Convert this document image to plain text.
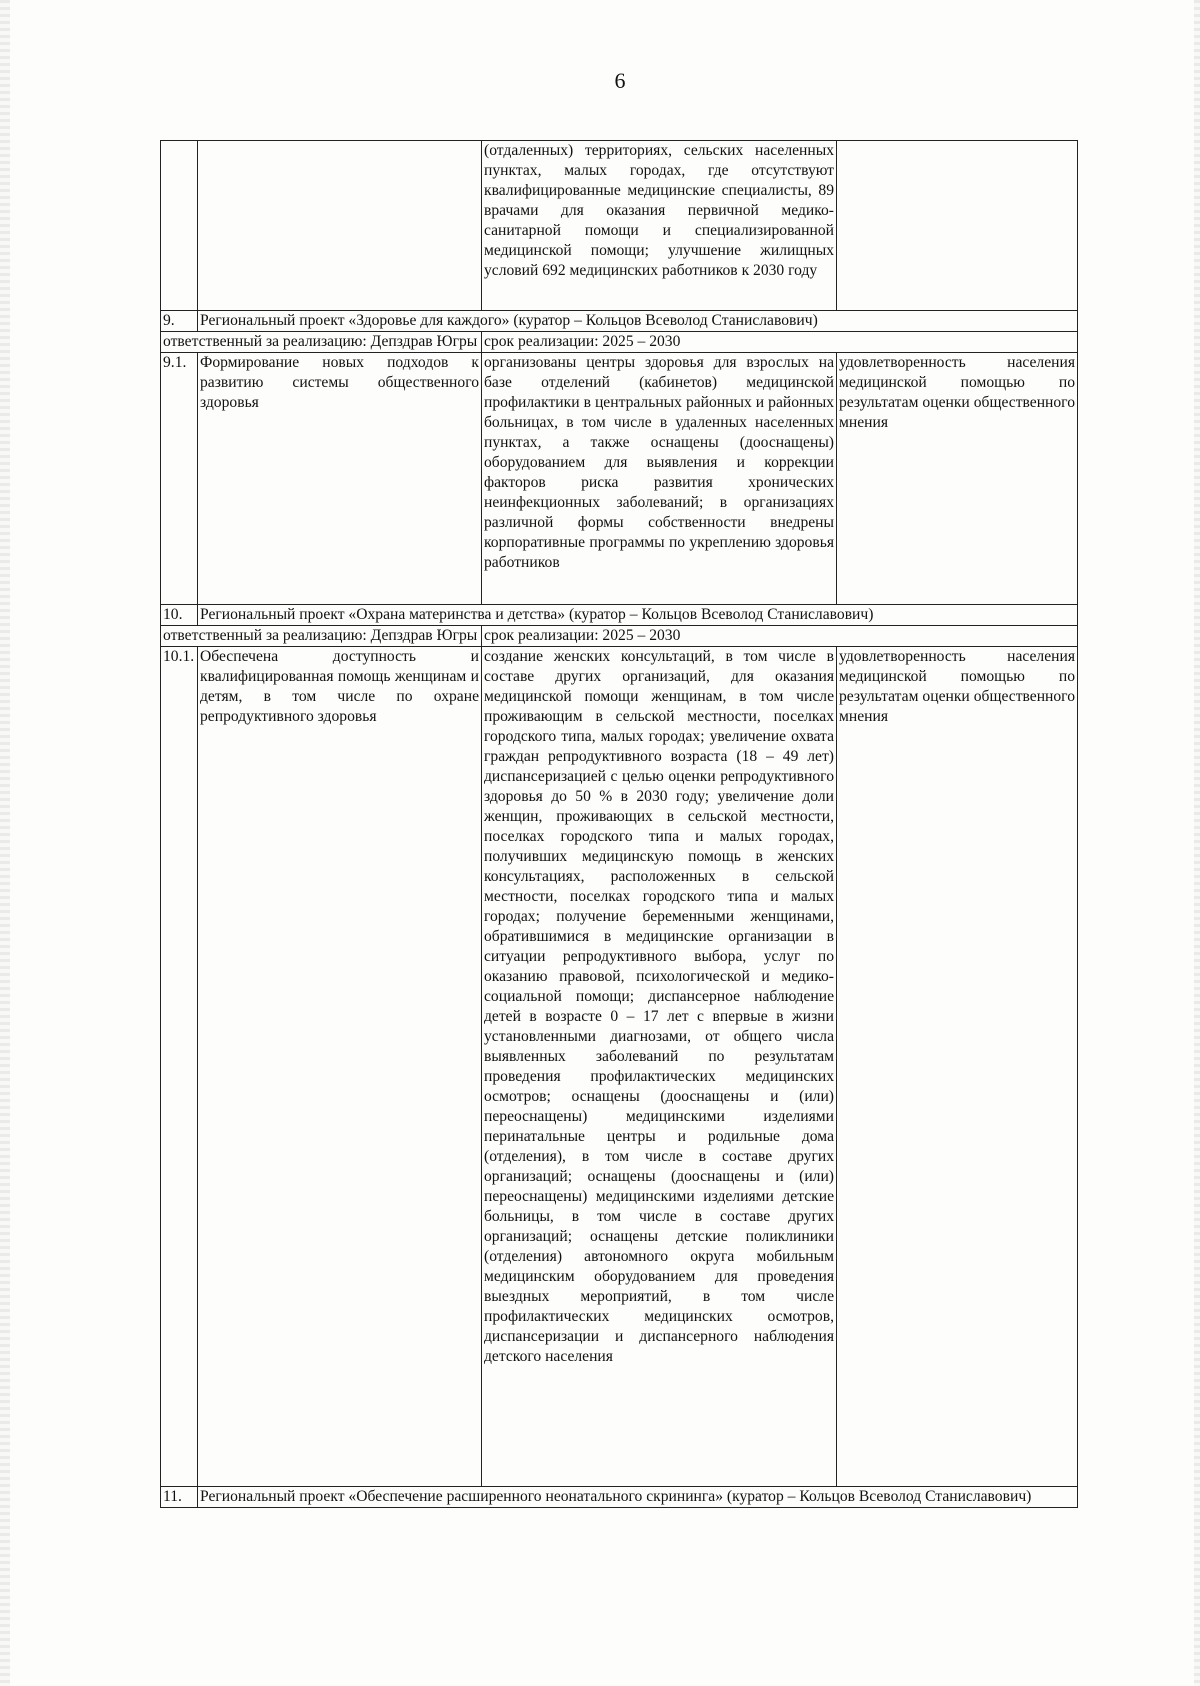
6
		(отдаленных) территориях, сельских населенных пунктах, малых городах, где отсутствуют квалифицированные медицинские специалисты, 89 врачами для оказания первичной медико-санитарной помощи и специализированной медицинской помощи; улучшение жилищных условий 692 медицинских работников к 2030 году	
9.	Региональный проект «Здоровье для каждого» (куратор – Кольцов Всеволод Станиславович)		
ответственный за реализацию: Депздрав Югры		срок реализации: 2025 – 2030	
9.1.	Формирование новых подходов к развитию системы общественного здоровья	организованы центры здоровья для взрослых на базе отделений (кабинетов) медицинской профилактики в центральных районных и районных больницах, в том числе в удаленных населенных пунктах, а также оснащены (дооснащены) оборудованием для выявления и коррекции факторов риска развития хронических неинфекционных заболеваний; в организациях различной формы собственности внедрены корпоративные программы по укреплению здоровья работников	удовлетворенность населения медицинской помощью по результатам оценки общественного мнения
10.	Региональный проект «Охрана материнства и детства» (куратор – Кольцов Всеволод Станиславович)		
ответственный за реализацию: Депздрав Югры		срок реализации: 2025 – 2030	
10.1.	Обеспечена доступность и квалифицированная помощь женщинам и детям, в том числе по охране репродуктивного здоровья	создание женских консультаций, в том числе в составе других организаций, для оказания медицинской помощи женщинам, в том числе проживающим в сельской местности, поселках городского типа, малых городах; увеличение охвата граждан репродуктивного возраста (18 – 49 лет) диспансеризацией с целью оценки репродуктивного здоровья до 50 % в 2030 году; увеличение доли женщин, проживающих в сельской местности, поселках городского типа и малых городах, получивших медицинскую помощь в женских консультациях, расположенных в сельской местности, поселках городского типа и малых городах; получение беременными женщинами, обратившимися в медицинские организации в ситуации репродуктивного выбора, услуг по оказанию правовой, психологической и медико-социальной помощи; диспансерное наблюдение детей в возрасте 0 – 17 лет с впервые в жизни установленными диагнозами, от общего числа выявленных заболеваний по результатам проведения профилактических медицинских осмотров; оснащены (дооснащены и (или) переоснащены) медицинскими изделиями перинатальные центры и родильные дома (отделения), в том числе в составе других организаций; оснащены (дооснащены и (или) переоснащены) медицинскими изделиями детские больницы, в том числе в составе других организаций; оснащены детские поликлиники (отделения) автономного округа мобильным медицинским оборудованием для проведения выездных мероприятий, в том числе профилактических медицинских осмотров, диспансеризации и диспансерного наблюдения детского населения	удовлетворенность населения медицинской помощью по результатам оценки общественного мнения
11.	Региональный проект «Обеспечение расширенного неонатального скрининга» (куратор – Кольцов Всеволод Станиславович)		
